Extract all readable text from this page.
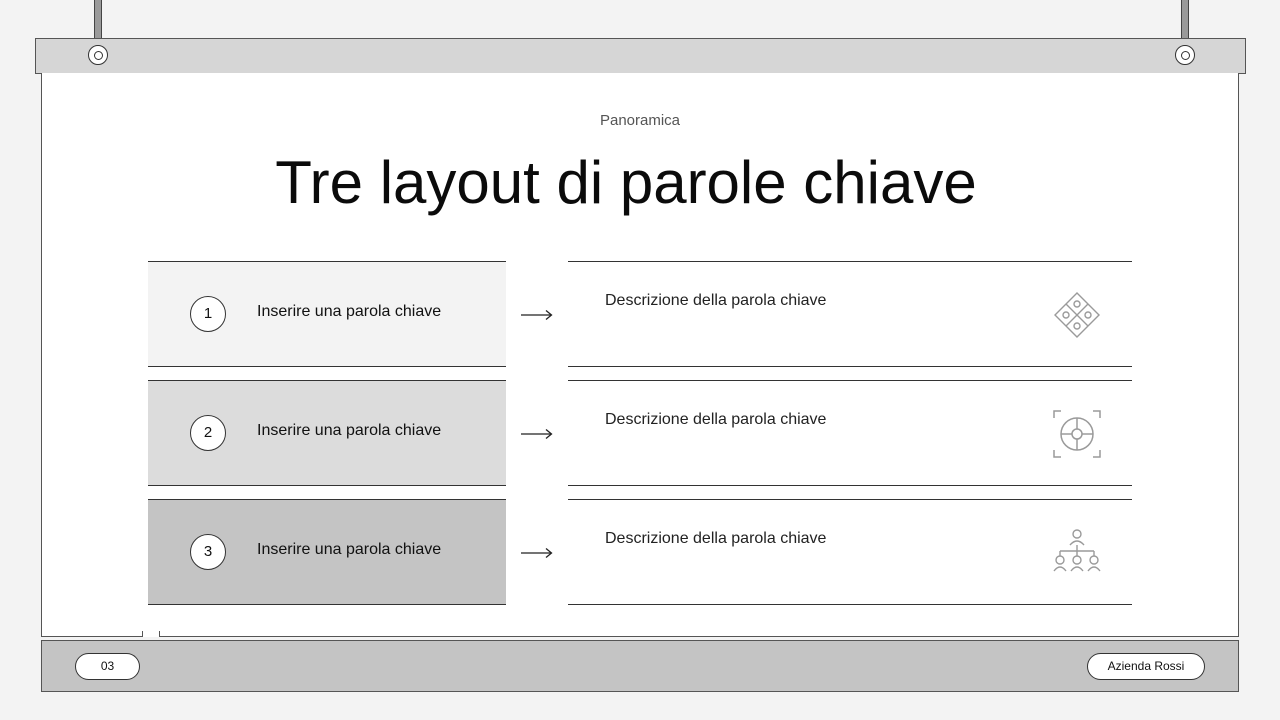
Panoramica
Tre layout di parole chiave
1	Inserire una parola chiave
Descrizione della parola chiave
2	Inserire una parola chiave
Descrizione della parola chiave
3	Inserire una parola chiave
Descrizione della parola chiave
03	Azienda Rossi
